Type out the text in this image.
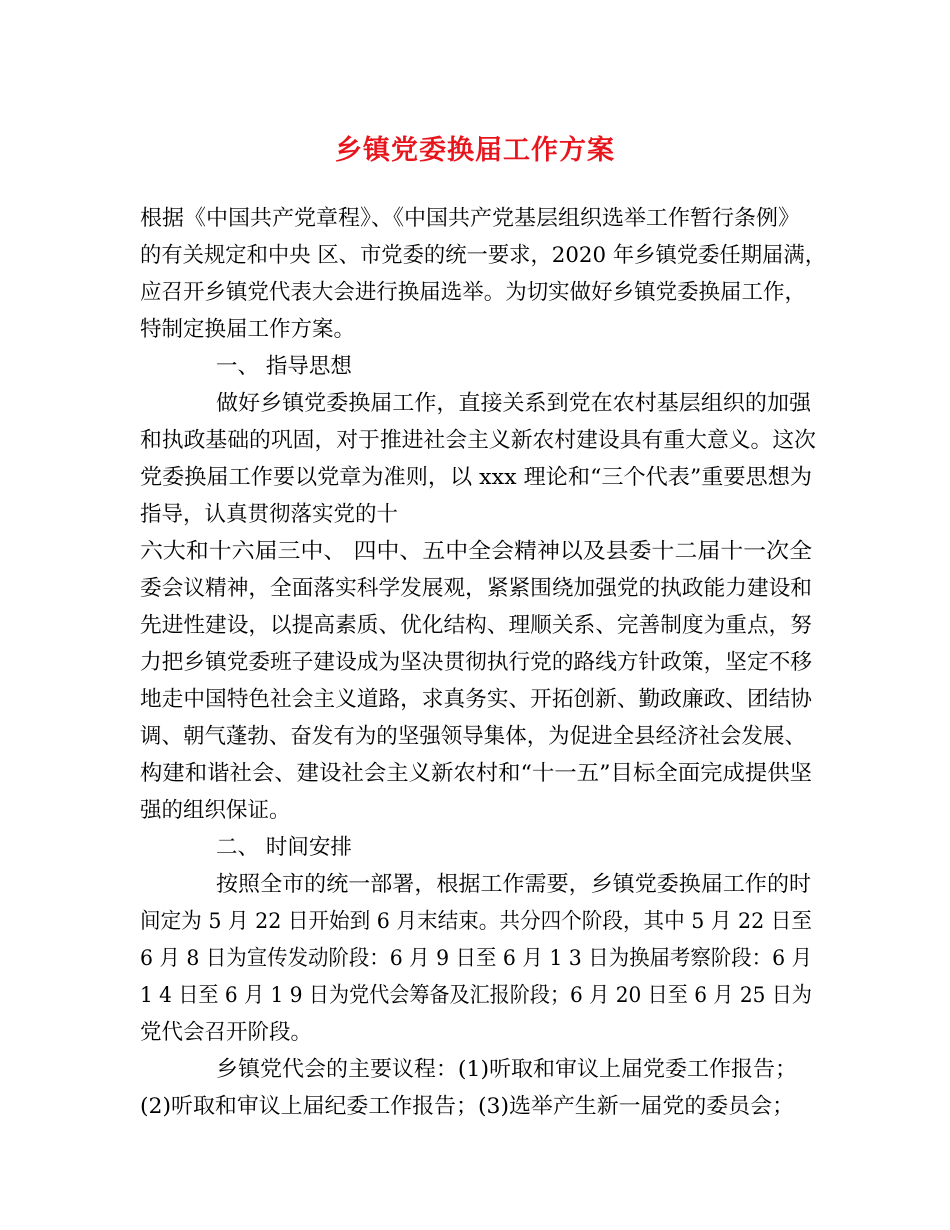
乡镇党委换届工作方案

根据《中国共产党章程》、《中国共产党基层组织选举工作暂行条例》

的有关规定和中央 区、市党委的统一要求，2020 年乡镇党委任期届满，

应召开乡镇党代表大会进行换届选举。为切实做好乡镇党委换届工作，

特制定换届工作方案。

一、 指导思想

做好乡镇党委换届工作，直接关系到党在农村基层组织的加强

和执政基础的巩固，对于推进社会主义新农村建设具有重大意义。这次

党委换届工作要以党章为准则，以 xxx 理论和“三个代表”重要思想为

指导，认真贯彻落实党的十

六大和十六届三中、 四中、五中全会精神以及县委十二届十一次全

委会议精神，全面落实科学发展观，紧紧围绕加强党的执政能力建设和

先进性建设，以提高素质、优化结构、理顺关系、完善制度为重点，努

力把乡镇党委班子建设成为坚决贯彻执行党的路线方针政策，坚定不移

地走中国特色社会主义道路，求真务实、开拓创新、勤政廉政、团结协

调、朝气蓬勃、奋发有为的坚强领导集体，为促进全县经济社会发展、

构建和谐社会、建设社会主义新农村和“十一五”目标全面完成提供坚

强的组织保证。

二、 时间安排

按照全市的统一部署，根据工作需要，乡镇党委换届工作的时

间定为 5 月 22 日开始到 6 月末结束。共分四个阶段，其中 5 月 22 日至

6 月 8 日为宣传发动阶段：6 月 9 日至 6 月 1 3 日为换届考察阶段：6 月

1 4 日至 6 月 1 9 日为党代会筹备及汇报阶段；6 月 20 日至 6 月 25 日为

党代会召开阶段。

乡镇党代会的主要议程：(1)听取和审议上届党委工作报告；

(2)听取和审议上届纪委工作报告；(3)选举产生新一届党的委员会；
